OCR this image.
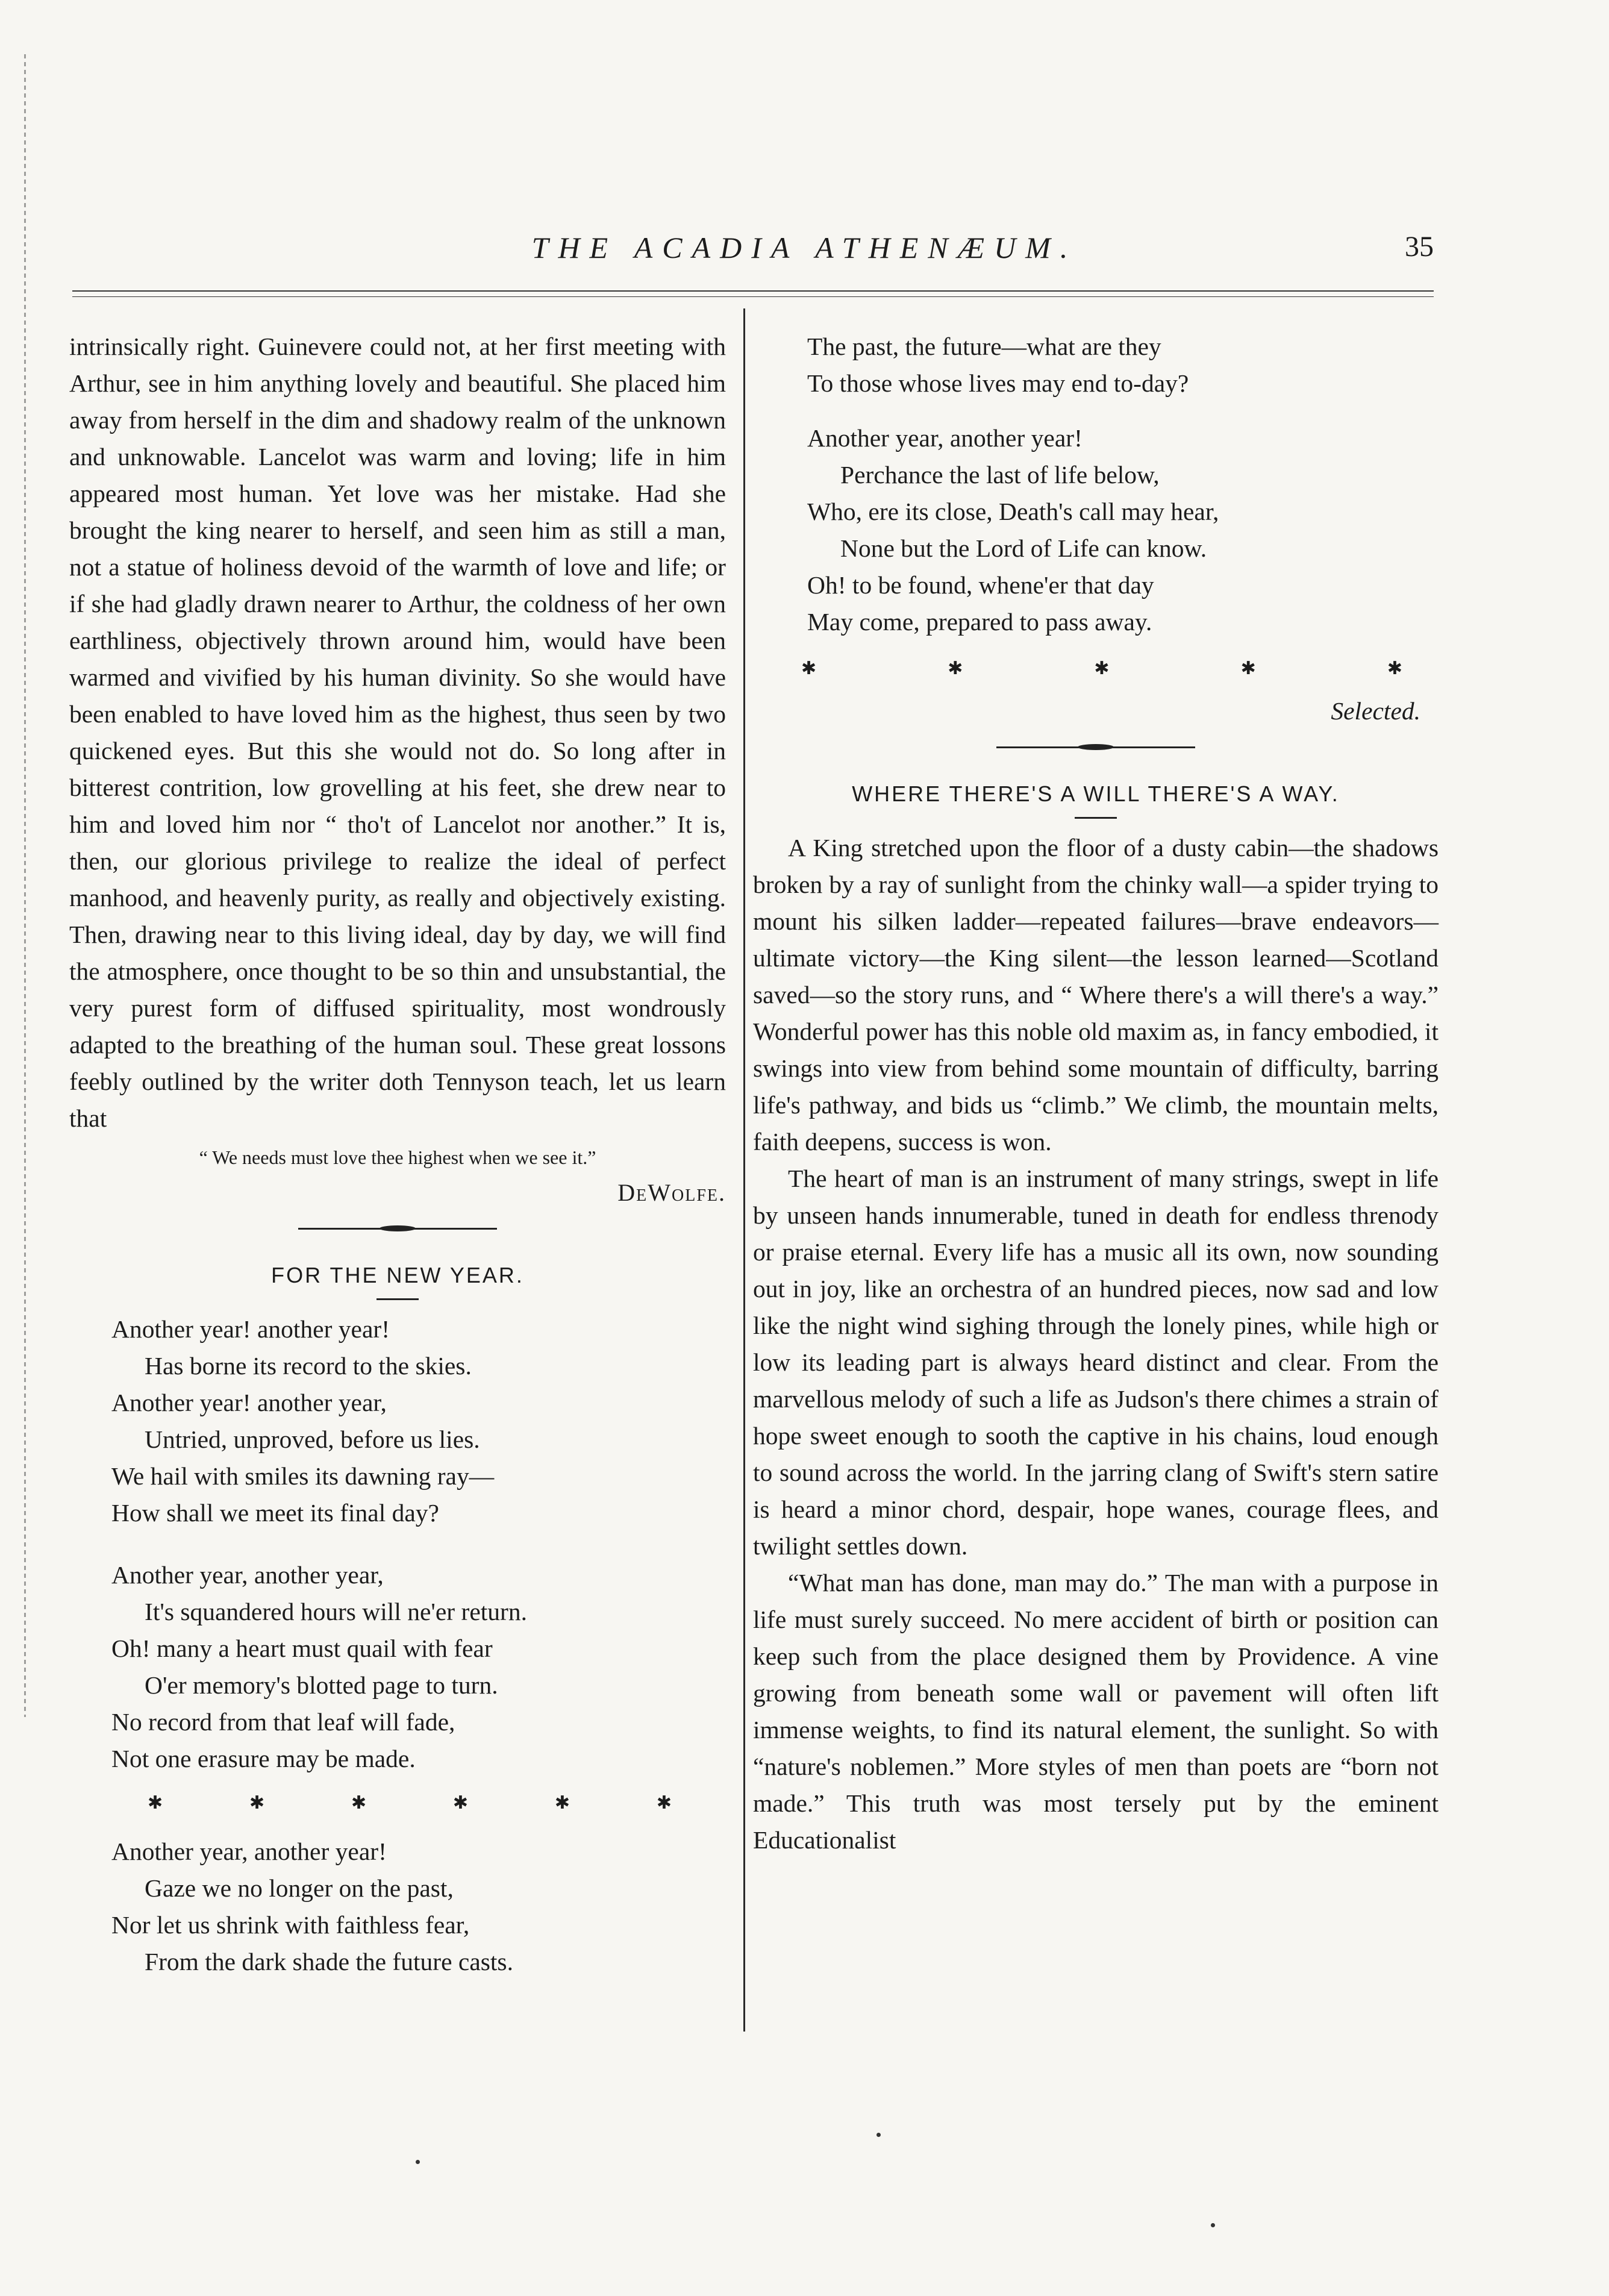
THE ACADIA ATHENÆUM.	35

intrinsically right. Guinevere could not, at her first meeting with Arthur, see in him anything lovely and beautiful. She placed him away from herself in the dim and shadowy realm of the unknown and unknowable. Lancelot was warm and loving; life in him appeared most human. Yet love was her mistake. Had she brought the king nearer to herself, and seen him as still a man, not a statue of holiness devoid of the warmth of love and life; or if she had gladly drawn nearer to Arthur, the coldness of her own earthliness, objectively thrown around him, would have been warmed and vivified by his human divinity. So she would have been enabled to have loved him as the highest, thus seen by two quickened eyes. But this she would not do. So long after in bitterest contrition, low grovelling at his feet, she drew near to him and loved him nor “ tho't of Lancelot nor another.” It is, then, our glorious privilege to realize the ideal of perfect manhood, and heavenly purity, as really and objectively existing. Then, drawing near to this living ideal, day by day, we will find the atmosphere, once thought to be so thin and unsubstantial, the very purest form of diffused spirituality, most wondrously adapted to the breathing of the human soul. These great lossons feebly outlined by the writer doth Tennyson teach, let us learn that

“ We needs must love thee highest when we see it.”

DeWolfe.

FOR THE NEW YEAR.
Another year! another year!
Has borne its record to the skies.
Another year! another year,
Untried, unproved, before us lies.
We hail with smiles its dawning ray—
How shall we meet its final day?
Another year, another year,
It's squandered hours will ne'er return.
Oh! many a heart must quail with fear
O'er memory's blotted page to turn.
No record from that leaf will fade,
Not one erasure may be made.
✱	✱	✱	✱	✱	✱
Another year, another year!
Gaze we no longer on the past,
Nor let us shrink with faithless fear,
From the dark shade the future casts.
The past, the future—what are they
To those whose lives may end to-day?
Another year, another year!
Perchance the last of life below,
Who, ere its close, Death's call may hear,
None but the Lord of Life can know.
Oh! to be found, whene'er that day
May come, prepared to pass away.
✱	✱	✱	✱	✱

Selected.

WHERE THERE'S A WILL THERE'S A WAY.

A King stretched upon the floor of a dusty cabin—the shadows broken by a ray of sunlight from the chinky wall—a spider trying to mount his silken ladder—repeated failures—brave endeavors—ultimate victory—the King silent—the lesson learned—Scotland saved—so the story runs, and “ Where there's a will there's a way.” Wonderful power has this noble old maxim as, in fancy embodied, it swings into view from behind some mountain of difficulty, barring life's pathway, and bids us “climb.” We climb, the mountain melts, faith deepens, success is won.

The heart of man is an instrument of many strings, swept in life by unseen hands innumerable, tuned in death for endless threnody or praise eternal. Every life has a music all its own, now sounding out in joy, like an orchestra of an hundred pieces, now sad and low like the night wind sighing through the lonely pines, while high or low its leading part is always heard distinct and clear. From the marvellous melody of such a life as Judson's there chimes a strain of hope sweet enough to sooth the captive in his chains, loud enough to sound across the world. In the jarring clang of Swift's stern satire is heard a minor chord, despair, hope wanes, courage flees, and twilight settles down.

“What man has done, man may do.” The man with a purpose in life must surely succeed. No mere accident of birth or position can keep such from the place designed them by Providence. A vine growing from beneath some wall or pavement will often lift immense weights, to find its natural element, the sunlight. So with “nature's noblemen.” More styles of men than poets are “born not made.” This truth was most tersely put by the eminent Educationalist
